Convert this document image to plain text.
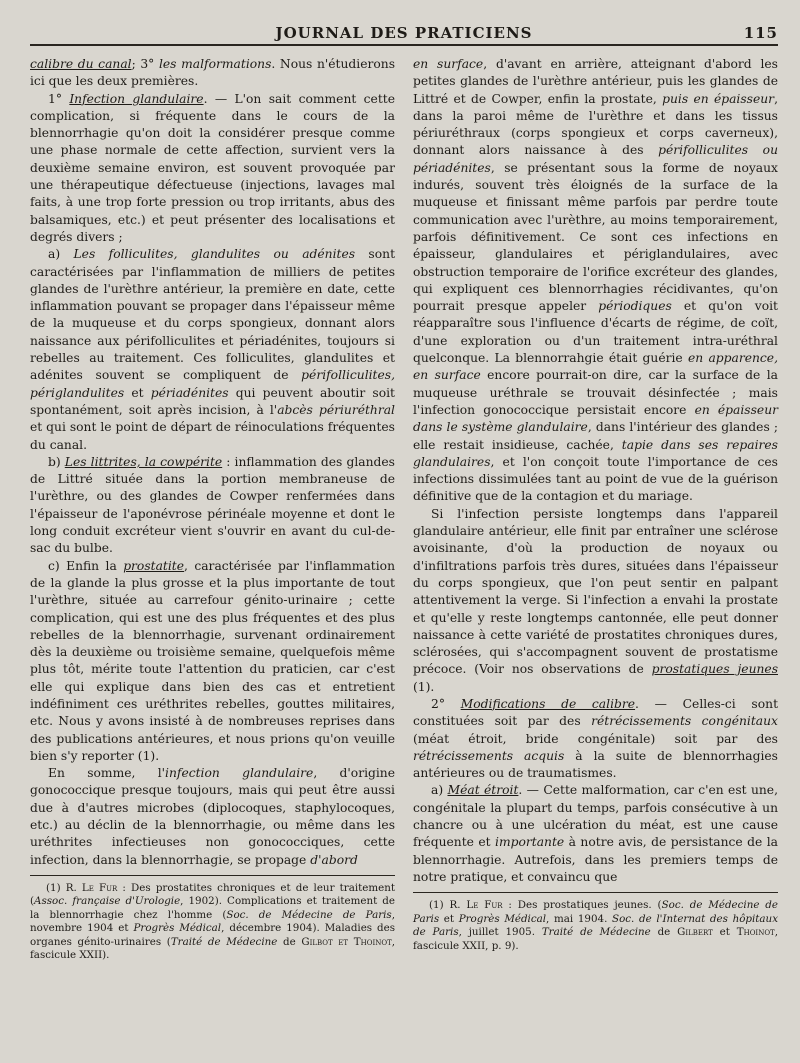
JOURNAL DES PRATICIENS	115

calibre du canal; 3° les malformations. Nous n'étudierons ici que les deux premières.

1° Infection glandulaire. — L'on sait comment cette complication, si fréquente dans le cours de la blennorrhagie qu'on doit la considérer presque comme une phase normale de cette affection, survient vers la deuxième semaine environ, est souvent provoquée par une thérapeutique défectueuse (injections, lavages mal faits, à une trop forte pression ou trop irritants, abus des balsamiques, etc.) et peut présenter des localisations et degrés divers ;

a) Les folliculites, glandulites ou adénites sont caractérisées par l'inflammation de milliers de petites glandes de l'urèthre antérieur, la première en date, cette inflammation pouvant se propager dans l'épaisseur même de la muqueuse et du corps spongieux, donnant alors naissance aux périfolliculites et périadénites, toujours si rebelles au traitement. Ces folliculites, glandulites et adénites souvent se compliquent de périfolliculites, périglandulites et périadénites qui peuvent aboutir soit spontanément, soit après incision, à l'abcès périuréthral et qui sont le point de départ de réinoculations fréquentes du canal.

b) Les littrites, la cowpérite : inflammation des glandes de Littré située dans la portion membraneuse de l'urèthre, ou des glandes de Cowper renfermées dans l'épaisseur de l'aponévrose périnéale moyenne et dont le long conduit excréteur vient s'ouvrir en avant du cul-de-sac du bulbe.

c) Enfin la prostatite, caractérisée par l'inflammation de la glande la plus grosse et la plus importante de tout l'urèthre, située au carrefour génito-urinaire ; cette complication, qui est une des plus fréquentes et des plus rebelles de la blennorrhagie, survenant ordinairement dès la deuxième ou troisième semaine, quelquefois même plus tôt, mérite toute l'attention du praticien, car c'est elle qui explique dans bien des cas et entretient indéfiniment ces uréthrites rebelles, gouttes militaires, etc. Nous y avons insisté à de nombreuses reprises dans des publications antérieures, et nous prions qu'on veuille bien s'y reporter (1).

En somme, l'infection glandulaire, d'origine gonococcique presque toujours, mais qui peut être aussi due à d'autres microbes (diplocoques, staphylocoques, etc.) au déclin de la blennorrhagie, ou même dans les uréthrites infectieuses non gonococciques, cette infection, dans la blennorrhagie, se propage d'abord

(1) R. Le Fur : Des prostatites chroniques et de leur traitement (Assoc. française d'Urologie, 1902). Complications et traitement de la blennorrhagie chez l'homme (Soc. de Médecine de Paris, novembre 1904 et Progrès Médical, décembre 1904). Maladies des organes génito-urinaires (Traité de Médecine de Gilbot et Thoinot, fascicule XXII).

en surface, d'avant en arrière, atteignant d'abord les petites glandes de l'urèthre antérieur, puis les glandes de Littré et de Cowper, enfin la prostate, puis en épaisseur, dans la paroi même de l'urèthre et dans les tissus périuréthraux (corps spongieux et corps caverneux), donnant alors naissance à des périfolliculites ou périadénites, se présentant sous la forme de noyaux indurés, souvent très éloignés de la surface de la muqueuse et finissant même parfois par perdre toute communication avec l'urèthre, au moins temporairement, parfois définitivement. Ce sont ces infections en épaisseur, glandulaires et périglandulaires, avec obstruction temporaire de l'orifice excréteur des glandes, qui expliquent ces blennorrhagies récidivantes, qu'on pourrait presque appeler périodiques et qu'on voit réapparaître sous l'influence d'écarts de régime, de coït, d'une exploration ou d'un traitement intra-uréthral quelconque. La blennorrahgie était guérie en apparence, en surface encore pourrait-on dire, car la surface de la muqueuse uréthrale se trouvait désinfectée ; mais l'infection gonococcique persistait encore en épaisseur dans le système glandulaire, dans l'intérieur des glandes ; elle restait insidieuse, cachée, tapie dans ses repaires glandulaires, et l'on conçoit toute l'importance de ces infections dissimulées tant au point de vue de la guérison définitive que de la contagion et du mariage.

Si l'infection persiste longtemps dans l'appareil glandulaire antérieur, elle finit par entraîner une sclérose avoisinante, d'où la production de noyaux ou d'infiltrations parfois très dures, situées dans l'épaisseur du corps spongieux, que l'on peut sentir en palpant attentivement la verge. Si l'infection a envahi la prostate et qu'elle y reste longtemps cantonnée, elle peut donner naissance à cette variété de prostatites chroniques dures, sclérosées, qui s'accompagnent souvent de prostatisme précoce. (Voir nos observations de prostatiques jeunes (1).

2° Modifications de calibre. — Celles-ci sont constituées soit par des rétrécissements congénitaux (méat étroit, bride congénitale) soit par des rétrécissements acquis à la suite de blennorrhagies antérieures ou de traumatismes.

a) Méat étroit. — Cette malformation, car c'en est une, congénitale la plupart du temps, parfois consécutive à un chancre ou à une ulcération du méat, est une cause fréquente et importante à notre avis, de persistance de la blennorrhagie. Autrefois, dans les premiers temps de notre pratique, et convaincu que

(1) R. Le Fur : Des prostatiques jeunes. (Soc. de Médecine de Paris et Progrès Médical, mai 1904. Soc. de l'Internat des hôpitaux de Paris, juillet 1905. Traité de Médecine de Gilbert et Thoinot, fascicule XXII, p. 9).
